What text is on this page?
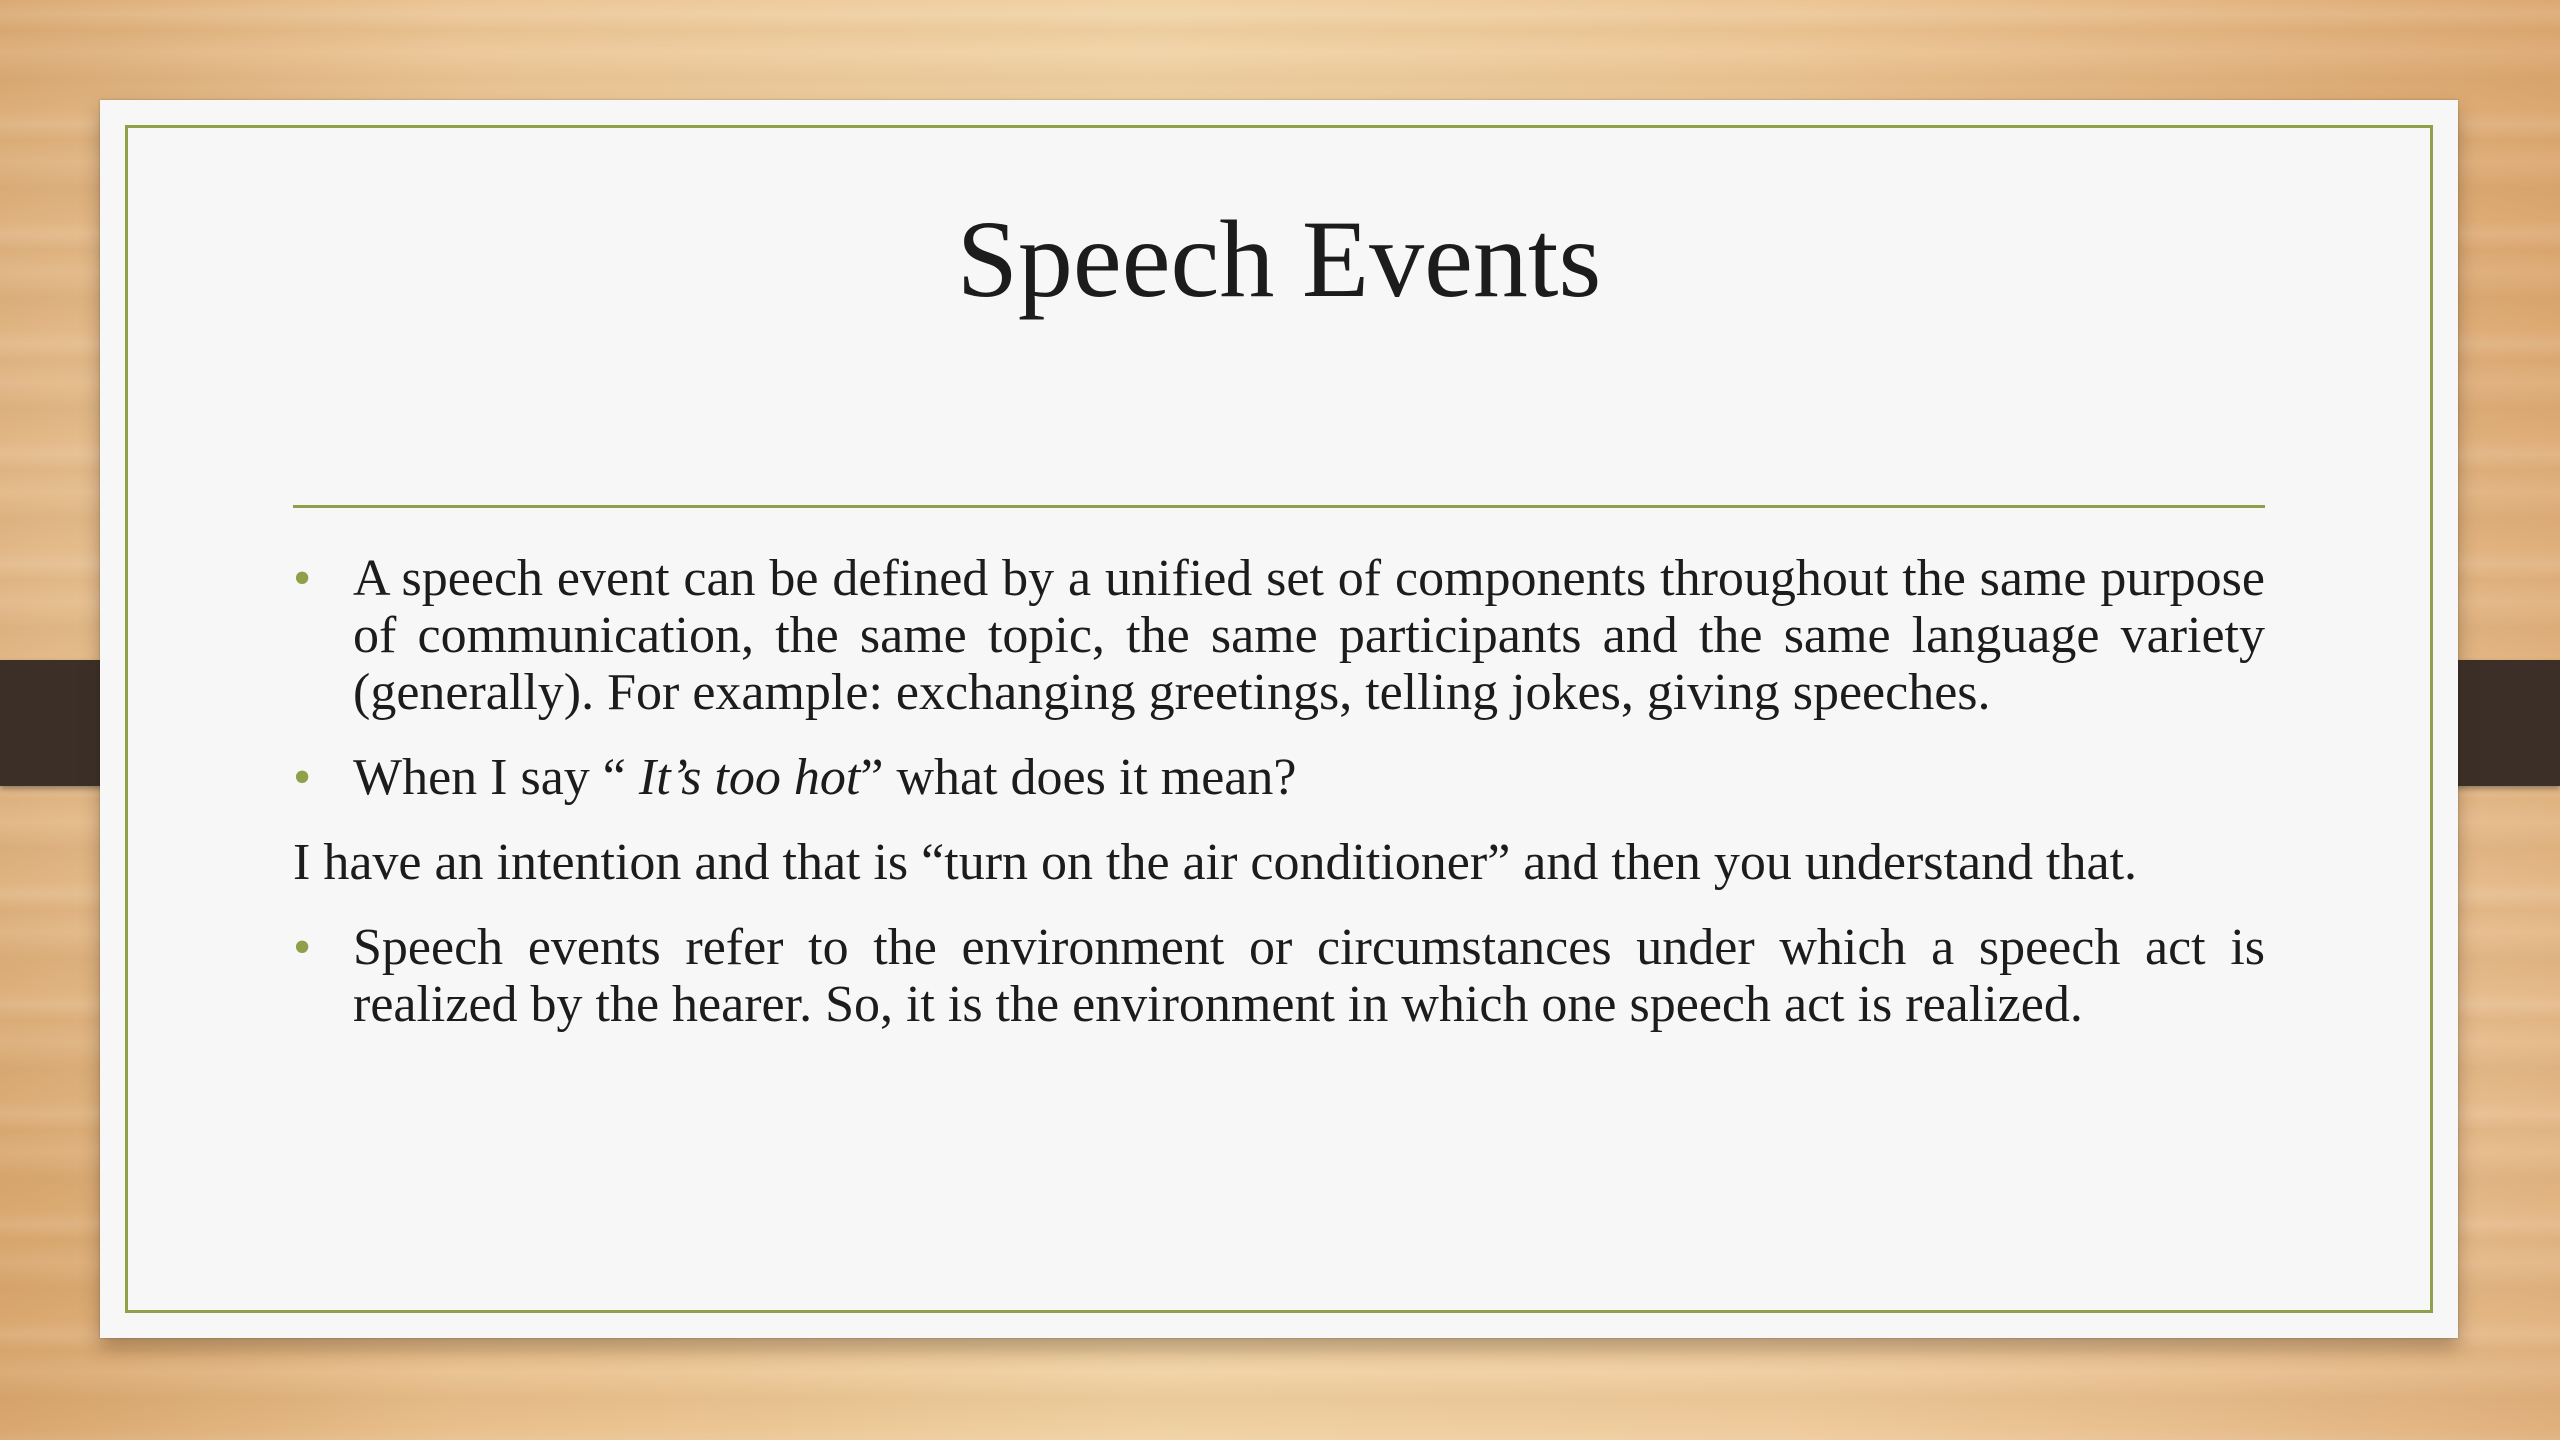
Speech Events
• A speech event can be defined by a unified set of components throughout the same purpose of communication, the same topic, the same participants and the same language variety (generally). For example: exchanging greetings, telling jokes, giving speeches.
• When I say “ It’s too hot” what does it mean?
I have an intention and that is “turn on the air conditioner” and then you understand that.
• Speech events refer to the environment or circumstances under which a speech act is realized by the hearer. So, it is the environment in which one speech act is realized.
